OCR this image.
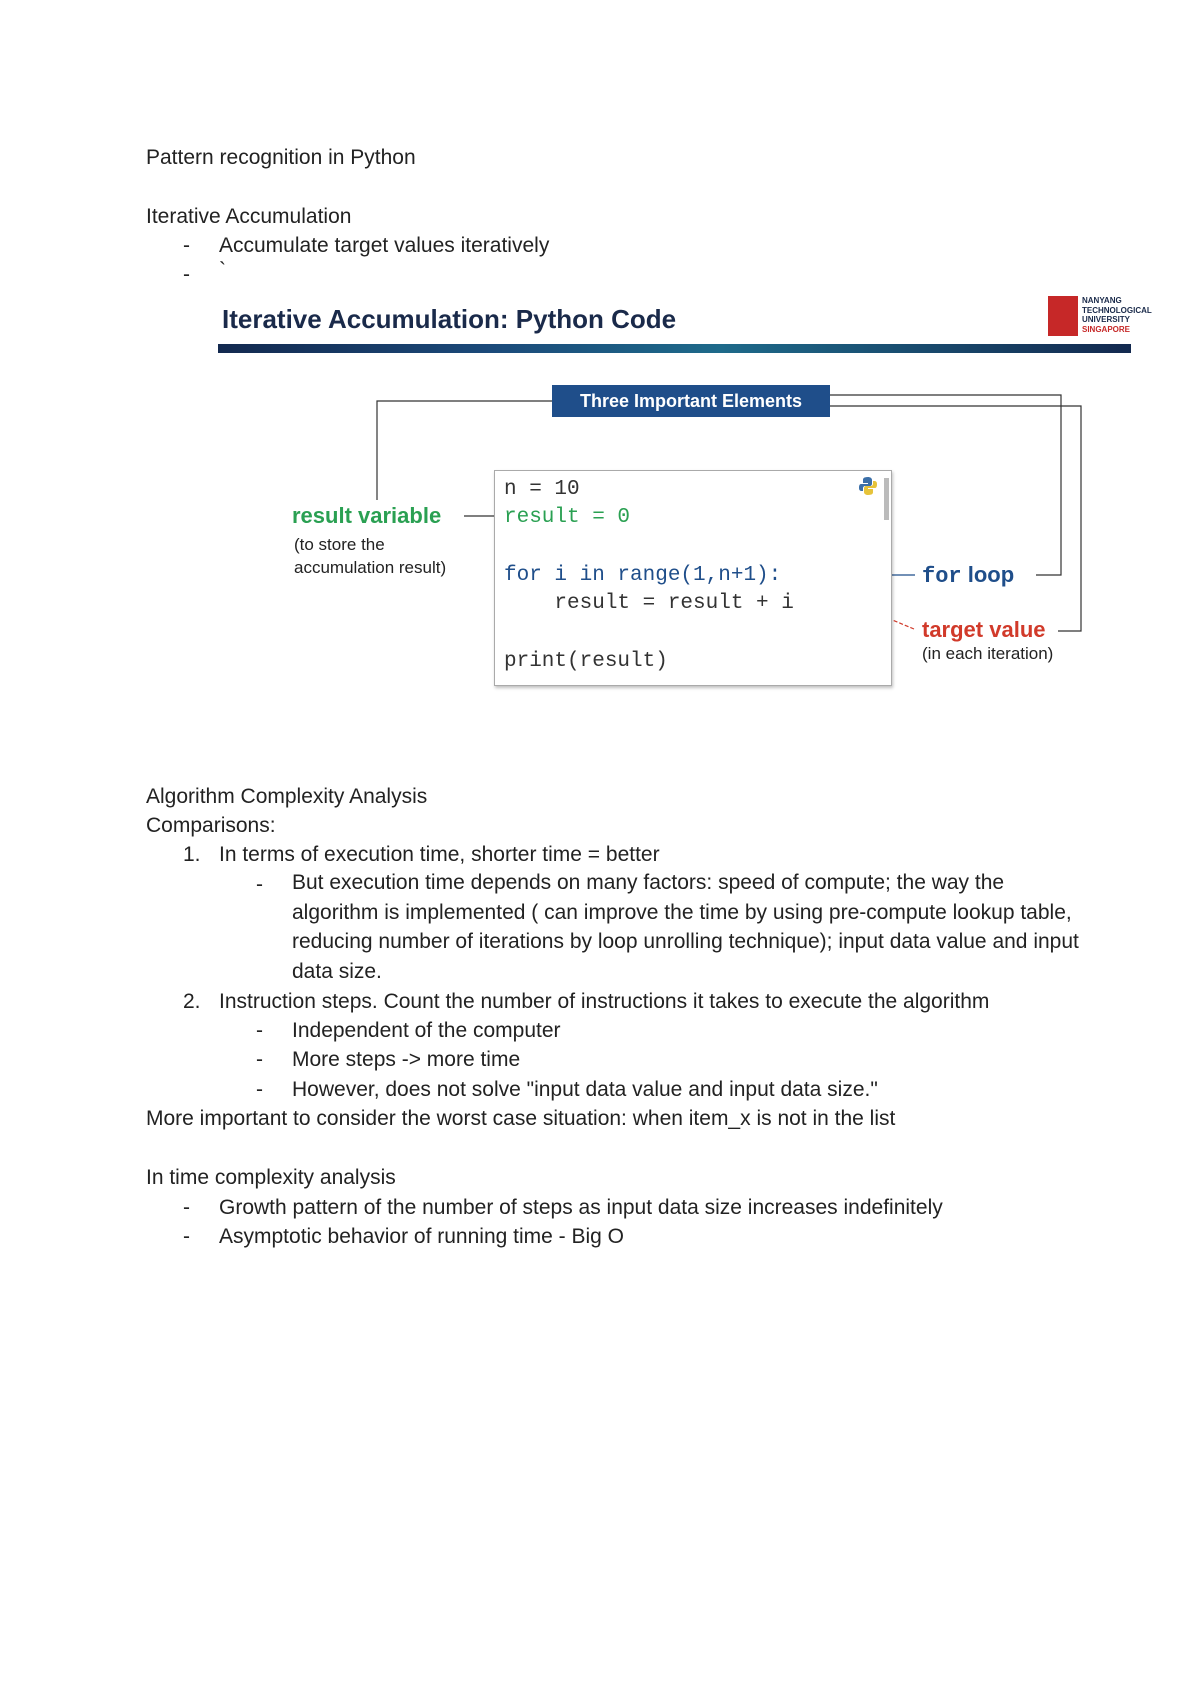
Pattern recognition in Python
Iterative Accumulation
- Accumulate target values iteratively
- `
Iterative Accumulation: Python Code
NANYANG
TECHNOLOGICAL
UNIVERSITY
SINGAPORE
Three Important Elements
n = 10
result = 0
for i in range(1,n+1):
result = result + i
print(result)
result variable
(to store the
accumulation result)	for loop
target value
(in each iteration)
Algorithm Complexity Analysis
Comparisons:
1. In terms of execution time, shorter time = better
- But execution time depends on many factors: speed of compute; the way the algorithm is implemented ( can improve the time by using pre-compute lookup table, reducing number of iterations by loop unrolling technique); input data value and input data size.
2. Instruction steps. Count the number of instructions it takes to execute the algorithm
- Independent of the computer
- More steps -> more time
- However, does not solve "input data value and input data size."
More important to consider the worst case situation: when item_x is not in the list
In time complexity analysis
- Growth pattern of the number of steps as input data size increases indefinitely
- Asymptotic behavior of running time - Big O
